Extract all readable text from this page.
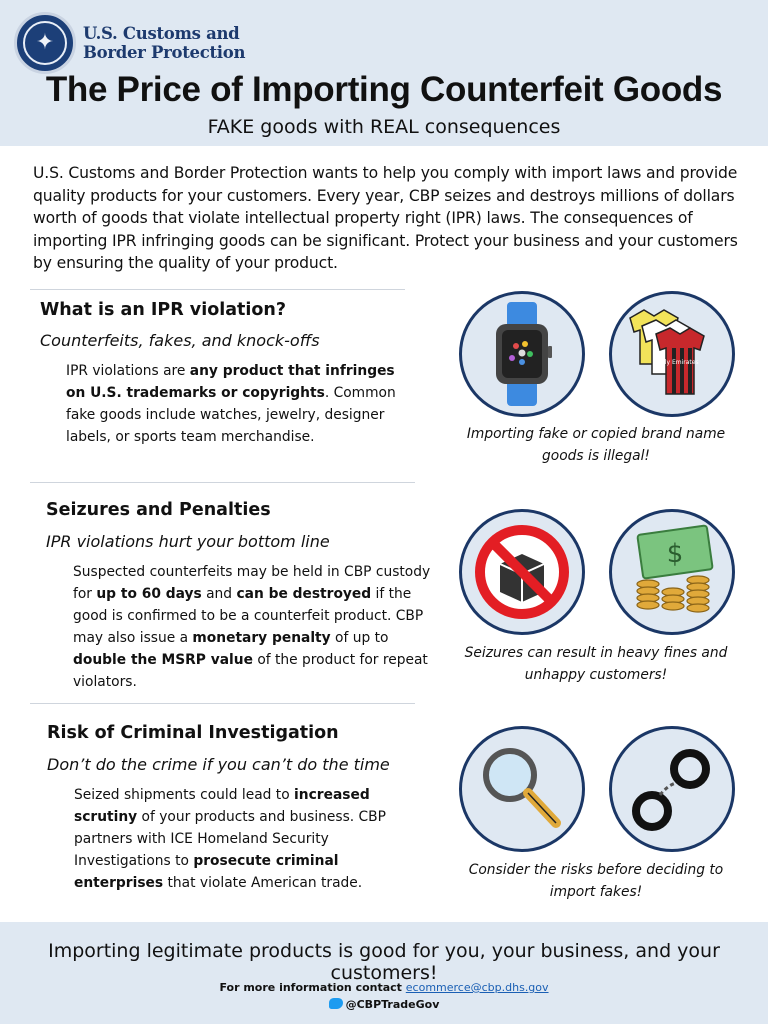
✦ U.S. Customs and
Border Protection
The Price of Importing Counterfeit Goods
FAKE goods with REAL consequences
U.S. Customs and Border Protection wants to help you comply with import laws and provide quality products for your customers. Every year, CBP seizes and destroys millions of dollars worth of goods that violate intellectual property right (IPR) laws. The consequences of importing IPR infringing goods can be significant. Protect your business and your customers by ensuring the quality of your product.
What is an IPR violation?
Counterfeits, fakes, and knock-offs
IPR violations are any product that infringes on U.S. trademarks or copyrights. Common fake goods include watches, jewelry, designer labels, or sports team merchandise.
Seizures and Penalties
IPR violations hurt your bottom line
Suspected counterfeits may be held in CBP custody for up to 60 days and can be destroyed if the good is confirmed to be a counterfeit product. CBP may also issue a monetary penalty of up to double the MSRP value of the product for repeat violators.
Risk of Criminal Investigation
Don’t do the crime if you can’t do the time
Seized shipments could lead to increased scrutiny of your products and business. CBP partners with ICE Homeland Security Investigations to prosecute criminal enterprises that violate American trade.
Fly Emirates
Importing fake or copied brand name goods is illegal!
$
Seizures can result in heavy fines and unhappy customers!
Consider the risks before deciding to import fakes!
Importing legitimate products is good for you, your business, and your customers!
For more information contact ecommerce@cbp.dhs.gov
@CBPTradeGov
